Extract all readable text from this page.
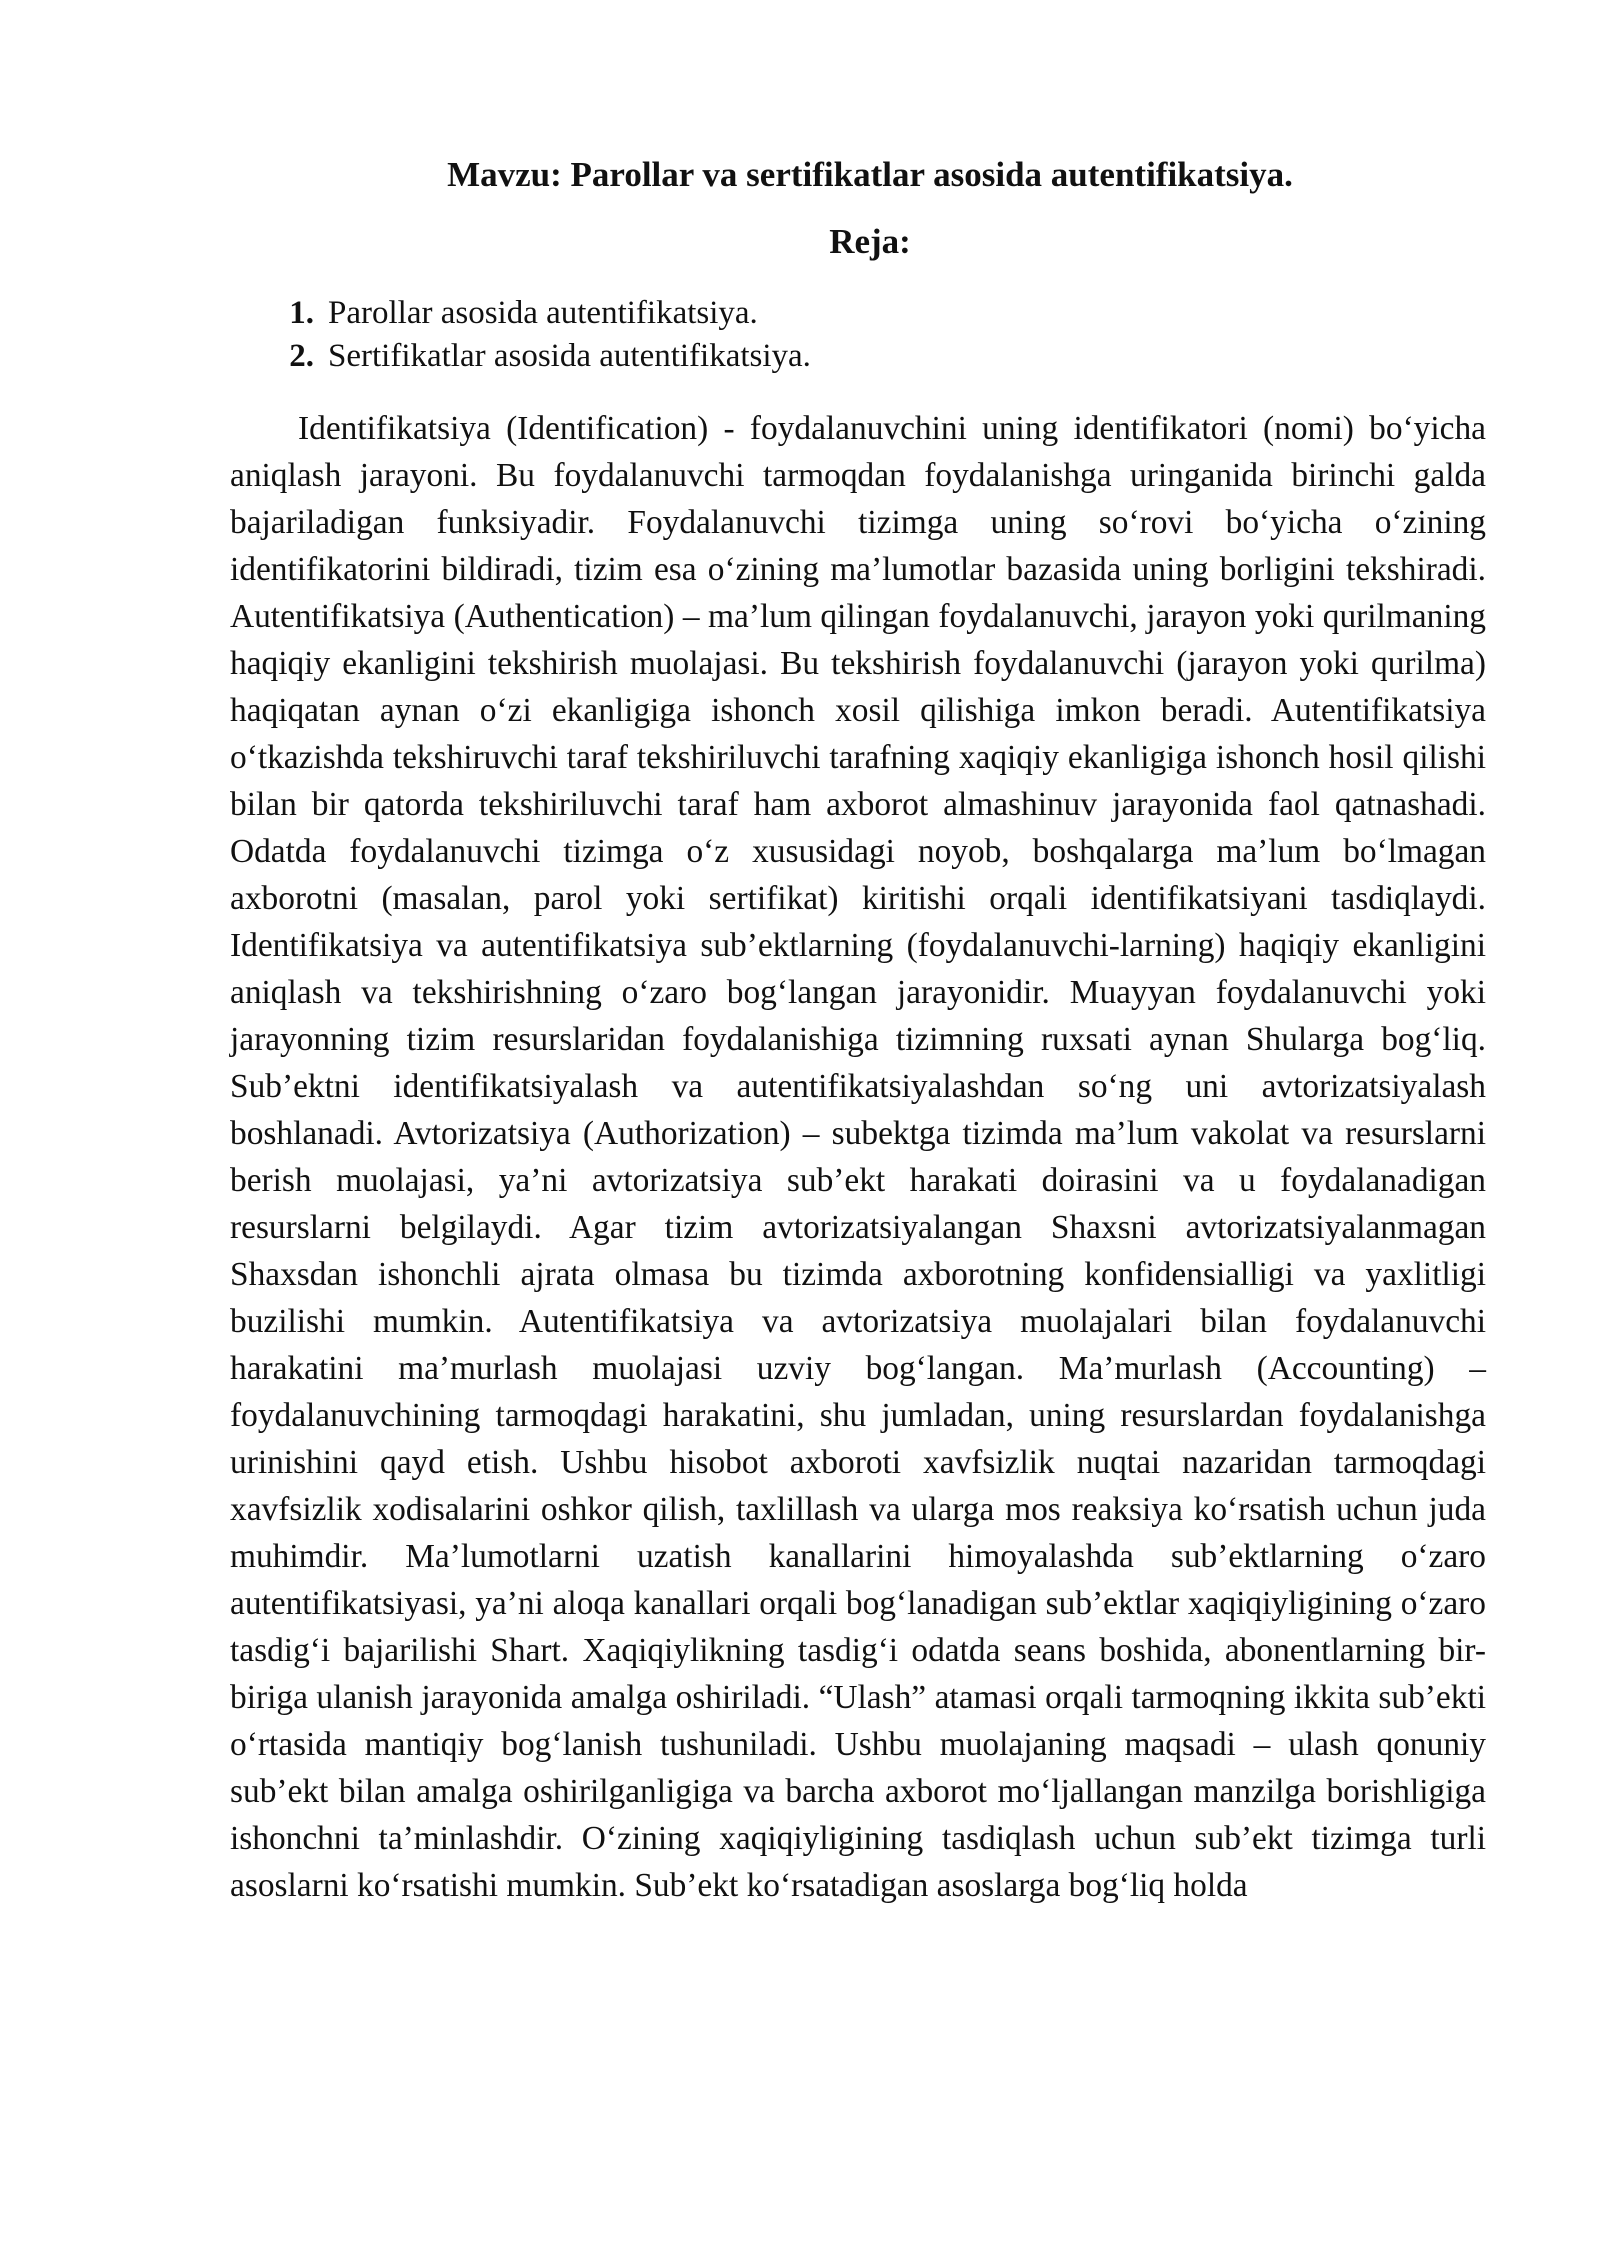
Mavzu: Parollar va sertifikatlar asosida autentifikatsiya.
Reja:
1. Parollar asosida autentifikatsiya.
2. Sertifikatlar asosida autentifikatsiya.

Identifikatsiya (Identification) - foydalanuvchini uning identifikatori (nomi) bo‘yicha aniqlash jarayoni. Bu foydalanuvchi tarmoqdan foydalanishga uringanida birinchi galda bajariladigan funksiyadir. Foydalanuvchi tizimga uning so‘rovi bo‘yicha o‘zining identifikatorini bildiradi, tizim esa o‘zining ma’lumotlar bazasida uning borligini tekshiradi. Autentifikatsiya (Authentication) – ma’lum qilingan foydalanuvchi, jarayon yoki qurilmaning haqiqiy ekanligini tekshirish muolajasi. Bu tekshirish foydalanuvchi (jarayon yoki qurilma) haqiqatan aynan o‘zi ekanligiga ishonch xosil qilishiga imkon beradi. Autentifikatsiya o‘tkazishda tekshiruvchi taraf tekshiriluvchi tarafning xaqiqiy ekanligiga ishonch hosil qilishi bilan bir qatorda tekshiriluvchi taraf ham axborot almashinuv jarayonida faol qatnashadi. Odatda foydalanuvchi tizimga o‘z xususidagi noyob, boshqalarga ma’lum bo‘lmagan axborotni (masalan, parol yoki sertifikat) kiritishi orqali identifikatsiyani tasdiqlaydi. Identifikatsiya va autentifikatsiya sub’ektlarning (foydalanuvchi-larning) haqiqiy ekanligini aniqlash va tekshirishning o‘zaro bog‘langan jarayonidir. Muayyan foydalanuvchi yoki jarayonning tizim resurslaridan foydalanishiga tizimning ruxsati aynan Shularga bog‘liq. Sub’ektni identifikatsiyalash va autentifikatsiyalashdan so‘ng uni avtorizatsiyalash boshlanadi. Avtorizatsiya (Authorization) – subektga tizimda ma’lum vakolat va resurslarni berish muolajasi, ya’ni avtorizatsiya sub’ekt harakati doirasini va u foydalanadigan resurslarni belgilaydi. Agar tizim avtorizatsiyalangan Shaxsni avtorizatsiyalanmagan Shaxsdan ishonchli ajrata olmasa bu tizimda axborotning konfidensialligi va yaxlitligi buzilishi mumkin. Autentifikatsiya va avtorizatsiya muolajalari bilan foydalanuvchi harakatini ma’murlash muolajasi uzviy bog‘langan. Ma’murlash (Accounting) – foydalanuvchining tarmoqdagi harakatini, shu jumladan, uning resurslardan foydalanishga urinishini qayd etish. Ushbu hisobot axboroti xavfsizlik nuqtai nazaridan tarmoqdagi xavfsizlik xodisalarini oshkor qilish, taxlillash va ularga mos reaksiya ko‘rsatish uchun juda muhimdir. Ma’lumotlarni uzatish kanallarini himoyalashda sub’ektlarning o‘zaro autentifikatsiyasi, ya’ni aloqa kanallari orqali bog‘lanadigan sub’ektlar xaqiqiyligining o‘zaro tasdig‘i bajarilishi Shart. Xaqiqiylikning tasdig‘i odatda seans boshida, abonentlarning bir-biriga ulanish jarayonida amalga oshiriladi. “Ulash” atamasi orqali tarmoqning ikkita sub’ekti o‘rtasida mantiqiy bog‘lanish tushuniladi. Ushbu muolajaning maqsadi – ulash qonuniy sub’ekt bilan amalga oshirilganligiga va barcha axborot mo‘ljallangan manzilga borishligiga ishonchni ta’minlashdir. O‘zining xaqiqiyligining tasdiqlash uchun sub’ekt tizimga turli asoslarni ko‘rsatishi mumkin. Sub’ekt ko‘rsatadigan asoslarga bog‘liq holda
